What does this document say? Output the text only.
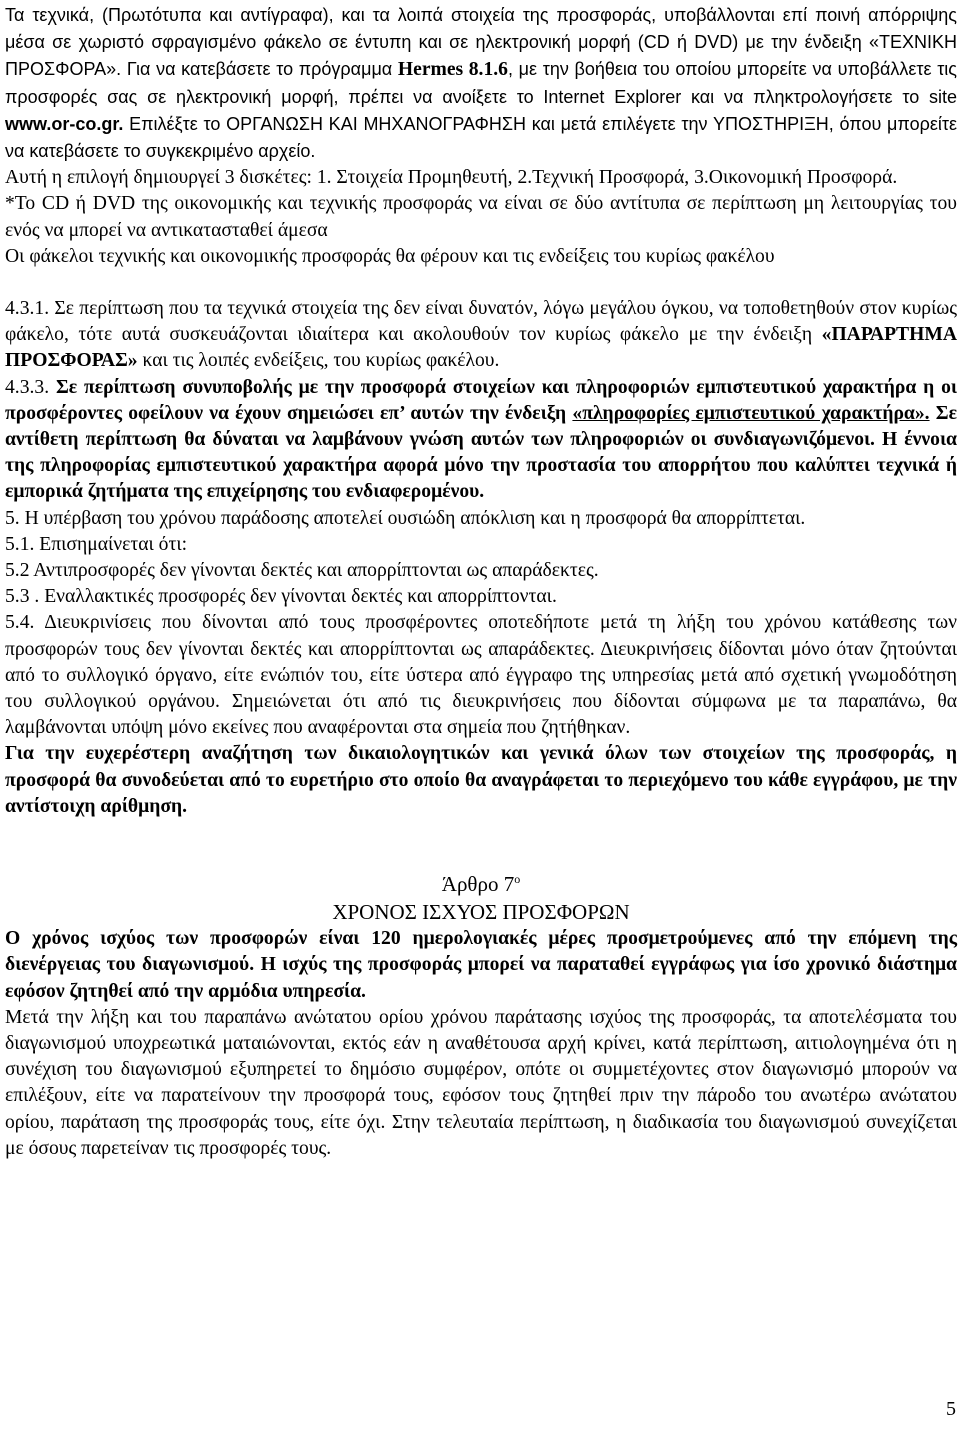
Τα τεχνικά, (Πρωτότυπα και αντίγραφα), και τα λοιπά στοιχεία της προσφοράς, υποβάλλονται επί ποινή απόρριψης μέσα σε χωριστό σφραγισμένο φάκελο σε έντυπη και σε ηλεκτρονική μορφή (CD ή DVD) με την ένδειξη «ΤΕΧΝΙΚΗ ΠΡΟΣΦΟΡΑ». Για να κατεβάσετε το πρόγραμμα Hermes 8.1.6, με την βοήθεια του οποίου μπορείτε να υποβάλλετε τις προσφορές σας σε ηλεκτρονική μορφή, πρέπει να ανοίξετε το Internet Explorer και να πληκτρολογήσετε το site www.or-co.gr. Επιλέξτε το ΟΡΓΑΝΩΣΗ ΚΑΙ ΜΗΧΑΝΟΓΡΑΦΗΣΗ και μετά επιλέγετε την ΥΠΟΣΤΗΡΙΞΗ, όπου μπορείτε να κατεβάσετε το συγκεκριμένο αρχείο.

Αυτή η επιλογή δημιουργεί 3 δισκέτες: 1. Στοιχεία Προμηθευτή, 2.Τεχνική Προσφορά, 3.Οικονομική Προσφορά.

*Το CD ή DVD της οικονομικής και τεχνικής προσφοράς να είναι σε δύο αντίτυπα σε περίπτωση μη λειτουργίας του ενός να μπορεί να αντικατασταθεί άμεσα

Οι φάκελοι τεχνικής και οικονομικής προσφοράς θα φέρουν και τις ενδείξεις του κυρίως φακέλου

4.3.1. Σε περίπτωση που τα τεχνικά στοιχεία της δεν είναι δυνατόν, λόγω μεγάλου όγκου, να τοποθετηθούν στον κυρίως φάκελο, τότε αυτά συσκευάζονται ιδιαίτερα και ακολουθούν τον κυρίως φάκελο με την ένδειξη «ΠΑΡΑΡΤΗΜΑ ΠΡΟΣΦΟΡΑΣ» και τις λοιπές ενδείξεις, του κυρίως φακέλου.

4.3.3. Σε περίπτωση συνυποβολής με την προσφορά στοιχείων και πληροφοριών εμπιστευτικού χαρακτήρα η οι προσφέροντες οφείλουν να έχουν σημειώσει επ’ αυτών την ένδειξη «πληροφορίες εμπιστευτικού χαρακτήρα». Σε αντίθετη περίπτωση θα δύναται να λαμβάνουν γνώση αυτών των πληροφοριών οι συνδιαγωνιζόμενοι. Η έννοια της πληροφορίας εμπιστευτικού χαρακτήρα αφορά μόνο την προστασία του απορρήτου που καλύπτει τεχνικά ή εμπορικά ζητήματα της επιχείρησης του ενδιαφερομένου.

5. Η υπέρβαση του χρόνου παράδοσης αποτελεί ουσιώδη απόκλιση και η προσφορά θα απορρίπτεται.

5.1. Επισημαίνεται ότι:

5.2 Αντιπροσφορές δεν γίνονται δεκτές και απορρίπτονται ως απαράδεκτες.

5.3 . Εναλλακτικές προσφορές δεν γίνονται δεκτές και απορρίπτονται.

5.4. Διευκρινίσεις που δίνονται από τους προσφέροντες οποτεδήποτε μετά τη λήξη του χρόνου κατάθεσης των προσφορών τους δεν γίνονται δεκτές και απορρίπτονται ως απαράδεκτες. Διευκρινήσεις δίδονται μόνο όταν ζητούνται από το συλλογικό όργανο, είτε ενώπιόν του, είτε ύστερα από έγγραφο της υπηρεσίας μετά από σχετική γνωμοδότηση του συλλογικού οργάνου. Σημειώνεται ότι από τις διευκρινήσεις που δίδονται σύμφωνα με τα παραπάνω, θα λαμβάνονται υπόψη μόνο εκείνες που αναφέρονται στα σημεία που ζητήθηκαν.

Για την ευχερέστερη αναζήτηση των δικαιολογητικών και γενικά όλων των στοιχείων της προσφοράς, η προσφορά θα συνοδεύεται από το ευρετήριο στο οποίο θα αναγράφεται το περιεχόμενο του κάθε εγγράφου, με την αντίστοιχη αρίθμηση.

Άρθρο $7^o$

ΧΡΟΝΟΣ ΙΣΧΥΟΣ ΠΡΟΣΦΟΡΩΝ

Ο χρόνος ισχύος των προσφορών είναι 120 ημερολογιακές μέρες προσμετρούμενες από την επόμενη της διενέργειας του διαγωνισμού. Η ισχύς της προσφοράς μπορεί να παραταθεί εγγράφως για ίσο χρονικό διάστημα εφόσον ζητηθεί από την αρμόδια υπηρεσία.

Μετά την λήξη και του παραπάνω ανώτατου ορίου χρόνου παράτασης ισχύος της προσφοράς, τα αποτελέσματα του διαγωνισμού υποχρεωτικά ματαιώνονται, εκτός εάν η αναθέτουσα αρχή κρίνει, κατά περίπτωση, αιτιολογημένα ότι η συνέχιση του διαγωνισμού εξυπηρετεί το δημόσιο συμφέρον, οπότε οι συμμετέχοντες στον διαγωνισμό μπορούν να επιλέξουν, είτε να παρατείνουν την προσφορά τους, εφόσον τους ζητηθεί πριν την πάροδο του ανωτέρω ανώτατου ορίου, παράταση της προσφοράς τους, είτε όχι. Στην τελευταία περίπτωση, η διαδικασία του διαγωνισμού συνεχίζεται με όσους παρετείναν τις προσφορές τους.

5
